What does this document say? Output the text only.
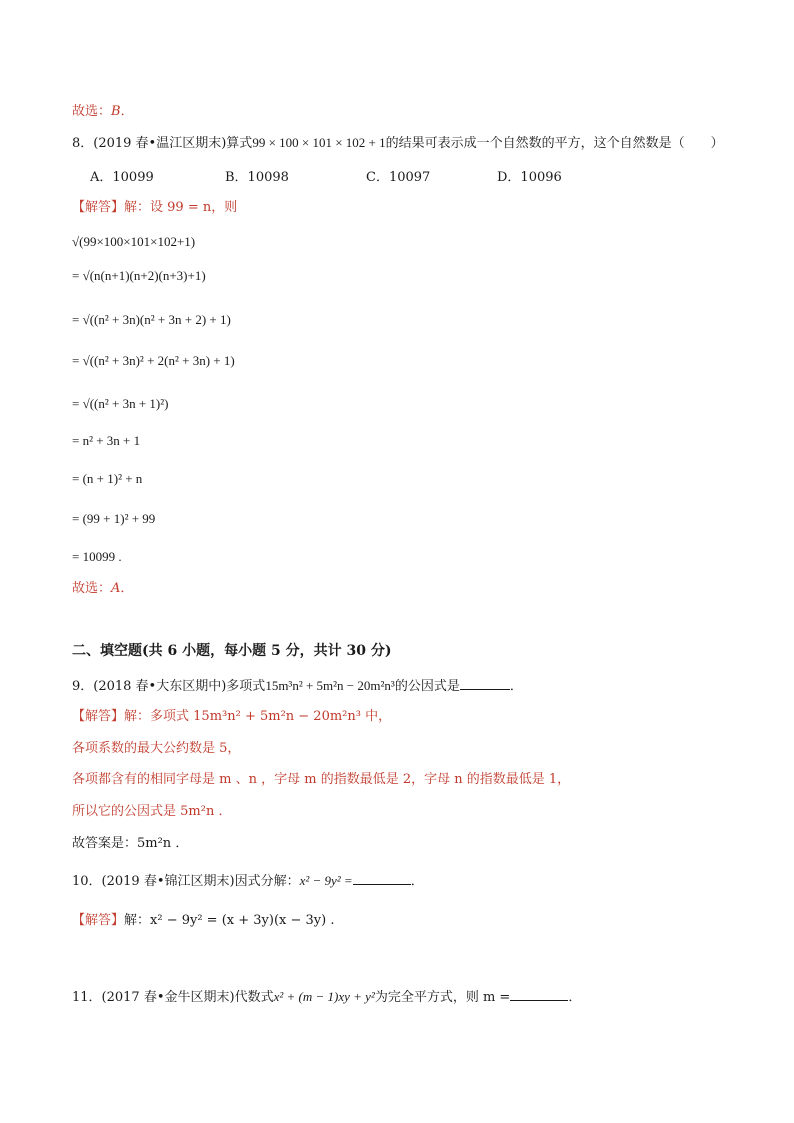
故选：B．
8．(2019 春•温江区期末)算式99 × 100 × 101 × 102 + 1的结果可表示成一个自然数的平方，这个自然数是（　　）
A．10099	B．10098	C．10097	D．10096
【解答】解：设 99 = n，则
√(99×100×101×102+1)
= √(n(n+1)(n+2)(n+3)+1)
= √((n² + 3n)(n² + 3n + 2) + 1)
= √((n² + 3n)² + 2(n² + 3n) + 1)
= √((n² + 3n + 1)²)
= n² + 3n + 1
= (n + 1)² + n
= (99 + 1)² + 99
= 10099 .
故选：A．
二、填空题(共 6 小题，每小题 5 分，共计 30 分)
9．(2018 春•大东区期中)多项式15m³n² + 5m²n − 20m²n³的公因式是	．
【解答】解：多项式 15m³n² + 5m²n − 20m²n³ 中，
各项系数的最大公约数是 5，
各项都含有的相同字母是 m 、n ，字母 m 的指数最低是 2，字母 n 的指数最低是 1，
所以它的公因式是 5m²n ．
故答案是：5m²n ．
10．(2019 春•锦江区期末)因式分解：x² − 9y² =	．
【解答】解：x² − 9y² = (x + 3y)(x − 3y) .
11．(2017 春•金牛区期末)代数式x² + (m − 1)xy + y²为完全平方式，则 m =	．
